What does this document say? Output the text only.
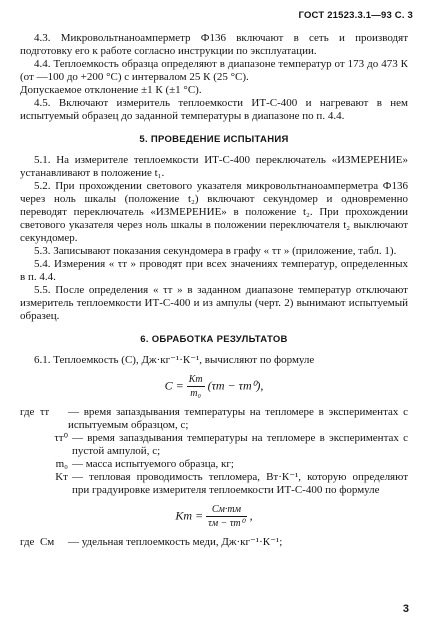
ГОСТ 21523.3.1—93 С. 3

4.3. Микровольтнаноамперметр Ф136 включают в сеть и производят подготовку его к работе согласно инструкции по эксплуатации.

4.4. Теплоемкость образца определяют в диапазоне температур от 173 до 473 К (от —100 до +200 °С) с интервалом 25 К (25 °С).

Допускаемое отклонение ±1 К (±1 °С).

4.5. Включают измеритель теплоемкости ИТ-С-400 и нагревают в нем испытуемый образец до заданной температуры в диапазоне по п. 4.4.

5. ПРОВЕДЕНИЕ ИСПЫТАНИЯ

5.1. На измерителе теплоемкости ИТ-С-400 переключатель «ИЗМЕРЕНИЕ» устанавливают в положение t₁.

5.2. При прохождении светового указателя микровольтнаноамперметра Ф136 через ноль шкалы (положение t₂) включают секундомер и одновременно переводят переключатель «ИЗМЕРЕНИЕ» в положение t₂. При прохождении светового указателя через ноль шкалы в положении переключателя t₂ выключают секундомер.

5.3. Записывают показания секундомера в графу « τт » (приложение, табл. 1).

5.4. Измерения « τт » проводят при всех значениях температур, определенных в п. 4.4.

5.5. После определения « τт » в заданном диапазоне температур отключают измеритель теплоемкости ИТ-С-400 и из ампулы (черт. 2) вынимают испытуемый образец.

6. ОБРАБОТКА РЕЗУЛЬТАТОВ

6.1. Теплоемкость (С), Дж·кг⁻¹·К⁻¹, вычисляют по формуле

$C = \frac{Kт}{\text{m₀}} (\tau т - \tau т^0)$,
где τт	— время запаздывания температуры на тепломере в экспериментах с испытуемым образцом, с;
τт⁰ — время запаздывания температуры на тепломере в экспериментах с пустой ампулой, с;
m₀ — масса испытуемого образца, кг;
Kт — тепловая проводимость тепломера, Вт·К⁻¹, которую определяют при градуировке измерителя теплоемкости ИТ-С-400 по формуле
Kт = $\frac{Cм\cdot mм}{\text{τм − τт⁰}}$ ,
где Cм	— удельная теплоемкость меди, Дж·кг⁻¹·К⁻¹;
3
